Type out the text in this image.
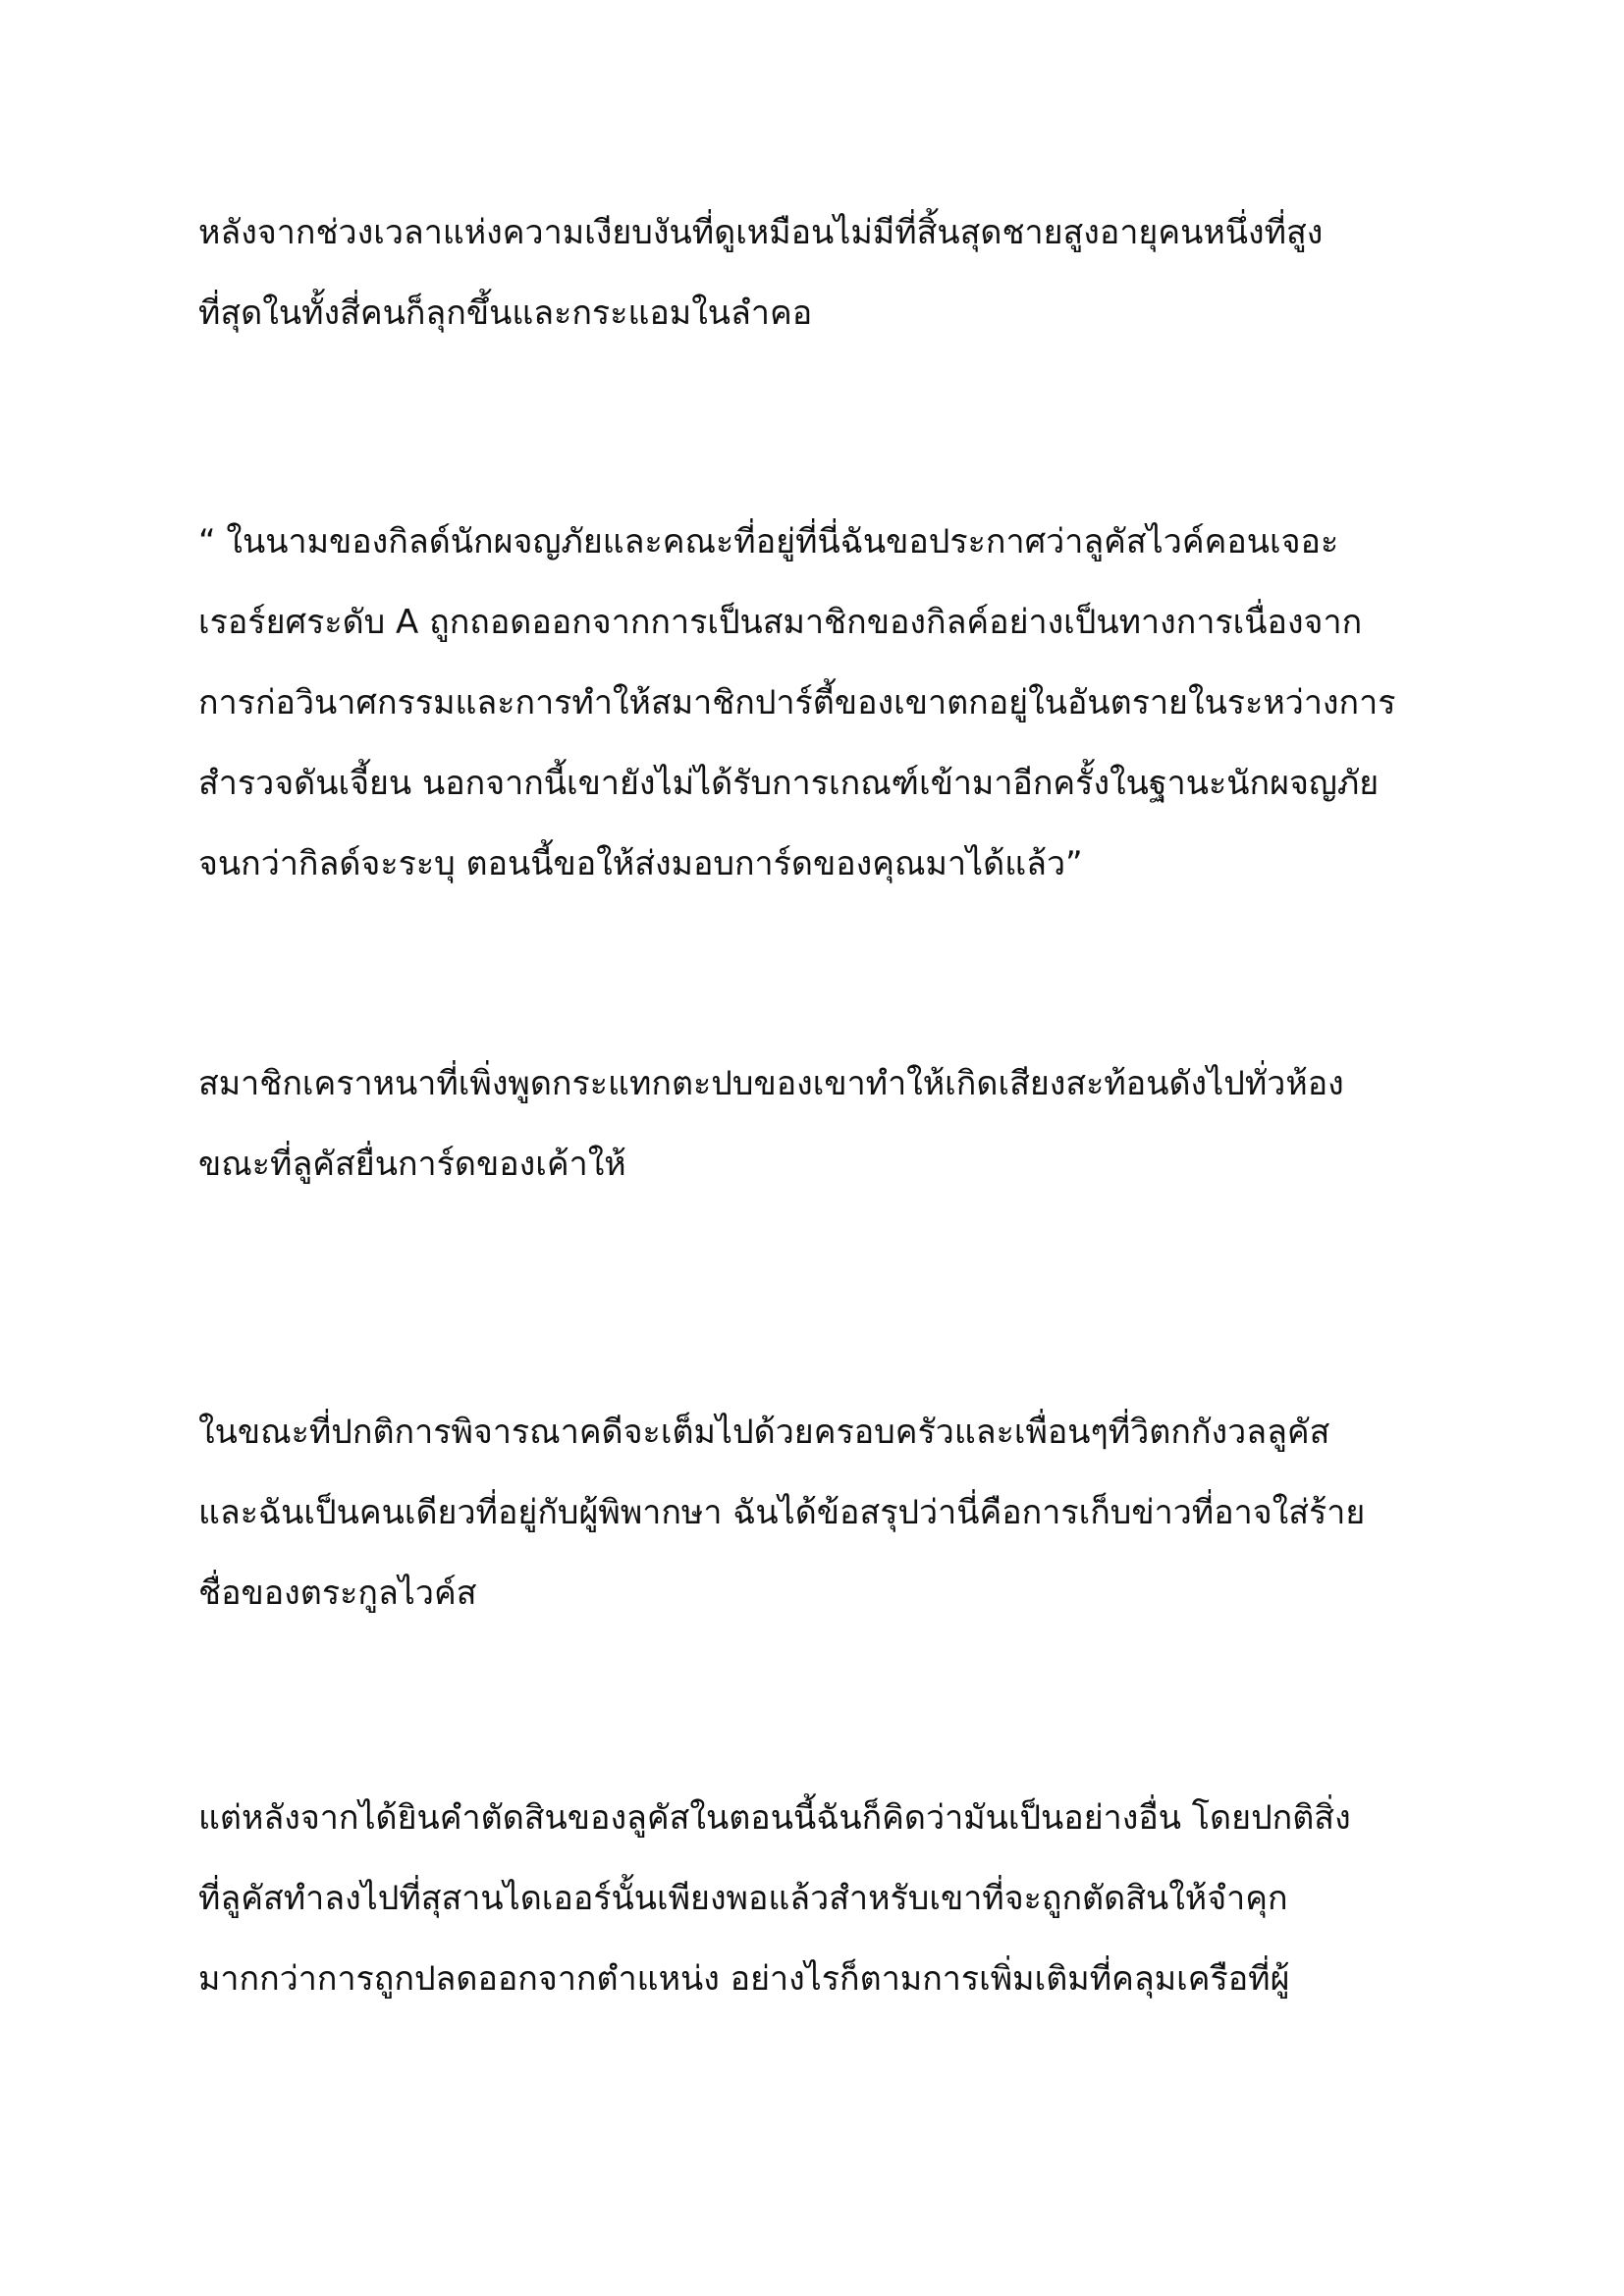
หลังจากช่วงเวลาแห่งความเงียบงันที่ดูเหมือนไม่มีที่สิ้นสุดชายสูงอายุคนหนึ่งที่สูง
ที่สุดในทั้งสี่คนก็ลุกขึ้นและกระแอมในลำคอ

“ ในนามของกิลด์นักผจญภัยและคณะที่อยู่ที่นี่ฉันขอประกาศว่าลูคัสไวค์คอนเจอะ
เรอร์ยศระดับ A ถูกถอดออกจากการเป็นสมาชิกของกิลค์อย่างเป็นทางการเนื่องจาก
การก่อวินาศกรรมและการทำให้สมาชิกปาร์ตี้ของเขาตกอยู่ในอันตรายในระหว่างการ
สำรวจดันเจี้ยน นอกจากนี้เขายังไม่ได้รับการเกณฑ์เข้ามาอีกครั้งในฐานะนักผจญภัย
จนกว่ากิลด์จะระบุ ตอนนี้ขอให้ส่งมอบการ์ดของคุณมาได้แล้ว”

สมาชิกเคราหนาที่เพิ่งพูดกระแทกตะปบของเขาทำให้เกิดเสียงสะท้อนดังไปทั่วห้อง
ขณะที่ลูคัสยื่นการ์ดของเค้าให้

ในขณะที่ปกติการพิจารณาคดีจะเต็มไปด้วยครอบครัวและเพื่อนๆที่วิตกกังวลลูคัส
และฉันเป็นคนเดียวที่อยู่กับผู้พิพากษา ฉันได้ข้อสรุปว่านี่คือการเก็บข่าวที่อาจใส่ร้าย
ชื่อของตระกูลไวค์ส

แต่หลังจากได้ยินคำตัดสินของลูคัสในตอนนี้ฉันก็คิดว่ามันเป็นอย่างอื่น โดยปกติสิ่ง
ที่ลูคัสทำลงไปที่สุสานไดเออร์นั้นเพียงพอแล้วสำหรับเขาที่จะถูกตัดสินให้จำคุก
มากกว่าการถูกปลดออกจากตำแหน่ง อย่างไรก็ตามการเพิ่มเติมที่คลุมเครือที่ผู้
